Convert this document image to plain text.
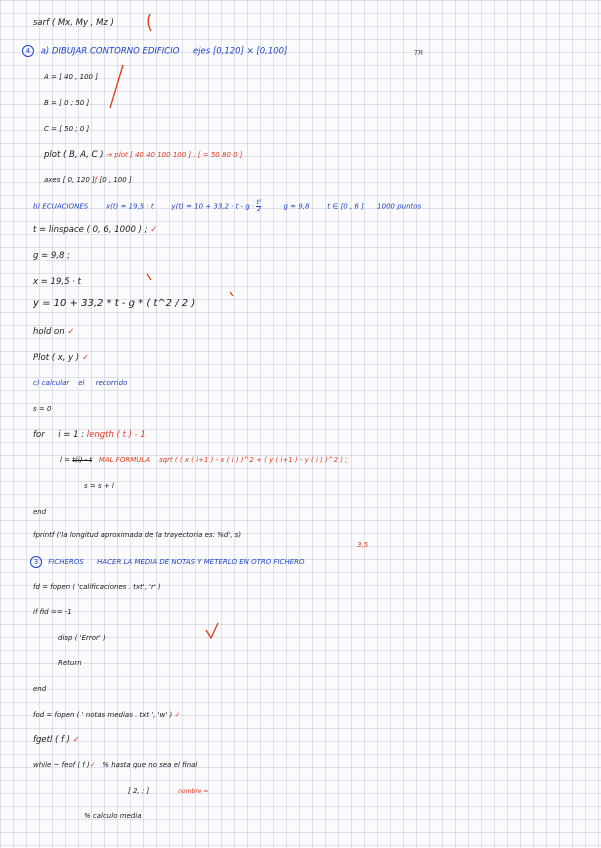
sarf ( Mx, My , Mz )
4 a) DIBUJAR CONTORNO EDIFICIO ejes [0,120] × [0,100]	TR
A = [ 40 , 100 ]
B = [ 0 ; 50 ]
C = [ 50 ; 0 ]
plot ( B, A, C ) → plot [ 40 40 100 100 ] . [ = 50 80 0 ]
axes [ 0, 120 ]ƒ [0 , 100 ]
b) ECUACIONES	x(t) = 19,5 · t	$y(t) = 10 + 33,2 \cdot t - g \cdot \frac{\text{t²}}{2}$	g = 9,8	t ∈ [0 , 6 ] 1000 puntos
t = linspace ( 0, 6, 1000 ) ; ✓
g = 9,8 ;
x = 19,5 · t
y = 10 + 33,2 * t - g * ( t^2 / 2 )
hold on ✓
Plot ( x, y ) ✓
c) calcular el recorrido
s = 0
for i = 1 : length ( t ) - 1
l = t(i) - t MAL FORMULA sqrt ( ( x ( i+1 ) - x ( i ) )^2 + ( y ( i+1 ) - y ( i ) )^2 ) ;
s = s + l
end
fprintf ('la longitud aproximada de la trayectoria es: %d', s)
3,5
3 FICHEROS HACER LA MEDIA DE NOTAS Y METERLO EN OTRO FICHERO
fd = fopen ( 'calificaciones . txt', 'r' )
if fid == -1
disp ( 'Error' )
Return
end
fod = fopen ( ' notas medias . txt ', 'w' ) ✓
fgetl ( f ) ✓
while ~ feof ( f )✓ % hasta que no sea el final
[ 2, : ]	nombre =
% calculo media
